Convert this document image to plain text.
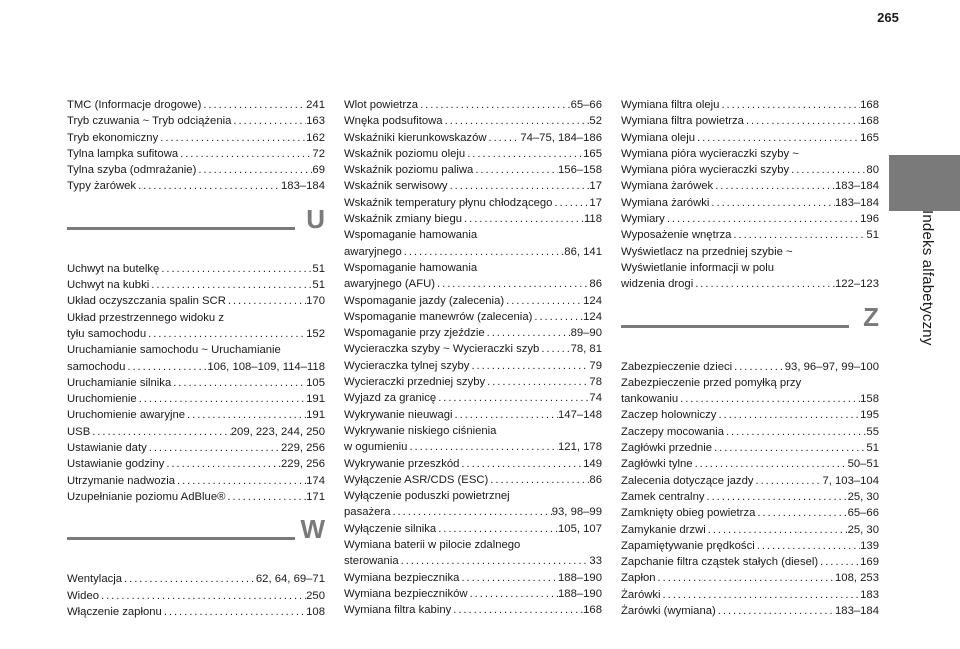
265
Indeks alfabetyczny
TMC (Informacje drogowe) . . .	241
Tryb czuwania ~ Tryb odciążenia . . .	163
Tryb ekonomiczny . . .	162
Tylna lampka sufitowa . . .	72
Tylna szyba (odmrażanie) . . .	69
Typy żarówek . . .	183–184
U
Uchwyt na butelkę . . .	51
Uchwyt na kubki . . .	51
Układ oczyszczania spalin SCR . . .	170
Układ przestrzennego widoku z
tyłu samochodu . . .	152
Uruchamianie samochodu ~ Uruchamianie
samochodu . . .	106, 108–109, 114–118
Uruchamianie silnika . . .	105
Uruchomienie . . .	191
Uruchomienie awaryjne . . .	191
USB . . .	209, 223, 244, 250
Ustawianie daty . . .	229, 256
Ustawianie godziny . . .	229, 256
Utrzymanie nadwozia . . .	174
Uzupełnianie poziomu AdBlue® . . .	171
W
Wentylacja . . .	62, 64, 69–71
Wideo . . .	250
Włączenie zapłonu . . .	108
Wlot powietrza . . .	65–66
Wnęka podsufitowa . . .	52
Wskaźniki kierunkowskazów . . .	74–75, 184–186
Wskaźnik poziomu oleju . . .	165
Wskaźnik poziomu paliwa . . .	156–158
Wskaźnik serwisowy . . .	17
Wskaźnik temperatury płynu chłodzącego . . .	17
Wskaźnik zmiany biegu . . .	118
Wspomaganie hamowania
awaryjnego . . .	86, 141
Wspomaganie hamowania
awaryjnego (AFU) . . .	86
Wspomaganie jazdy (zalecenia) . . .	124
Wspomaganie manewrów (zalecenia) . . .	124
Wspomaganie przy zjeździe . . .	89–90
Wycieraczka szyby ~ Wycieraczki szyb . . .	78, 81
Wycieraczka tylnej szyby . . .	79
Wycieraczki przedniej szyby . . .	78
Wyjazd za granicę . . .	74
Wykrywanie nieuwagi . . .	147–148
Wykrywanie niskiego ciśnienia
w ogumieniu . . .	121, 178
Wykrywanie przeszkód . . .	149
Wyłączenie ASR/CDS (ESC) . . .	86
Wyłączenie poduszki powietrznej
pasażera . . .	93, 98–99
Wyłączenie silnika . . .	105, 107
Wymiana baterii w pilocie zdalnego
sterowania . . .	33
Wymiana bezpiecznika . . .	188–190
Wymiana bezpieczników . . .	188–190
Wymiana filtra kabiny . . .	168
Wymiana filtra oleju . . .	168
Wymiana filtra powietrza . . .	168
Wymiana oleju . . .	165
Wymiana pióra wycieraczki szyby ~
Wymiana pióra wycieraczki szyby . . .	80
Wymiana żarówek . . .	183–184
Wymiana żarówki . . .	183–184
Wymiary . . .	196
Wyposażenie wnętrza . . .	51
Wyświetlacz na przedniej szybie ~
Wyświetlanie informacji w polu
widzenia drogi . . .	122–123
Z
Zabezpieczenie dzieci . . .	93, 96–97, 99–100
Zabezpieczenie przed pomyłką przy
tankowaniu . . .	158
Zaczep holowniczy . . .	195
Zaczepy mocowania . . .	55
Zagłówki przednie . . .	51
Zagłówki tylne . . .	50–51
Zalecenia dotyczące jazdy . . .	7, 103–104
Zamek centralny . . .	25, 30
Zamknięty obieg powietrza . . .	65–66
Zamykanie drzwi . . .	25, 30
Zapamiętywanie prędkości . . .	139
Zapchanie filtra cząstek stałych (diesel) . . .	169
Zapłon . . .	108, 253
Żarówki . . .	183
Żarówki (wymiana) . . .	183–184
